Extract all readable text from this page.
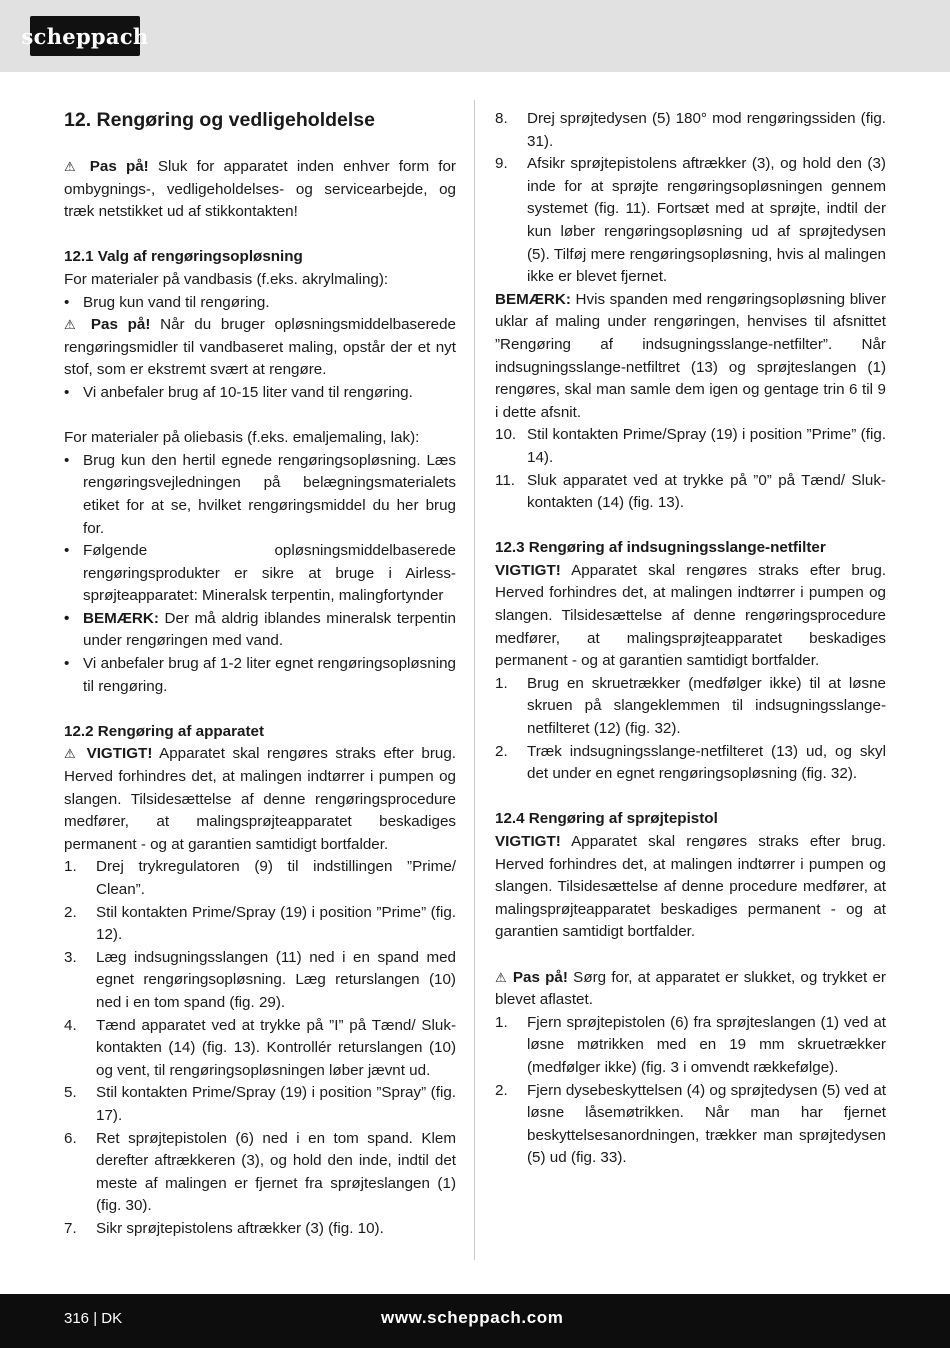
scheppach
12. Rengøring og vedligeholdelse

⚠ Pas på! Sluk for apparatet inden enhver form for ombygnings-, vedligeholdelses- og servicearbejde, og træk netstikket ud af stikkontakten!

12.1 Valg af rengøringsopløsning

For materialer på vandbasis (f.eks. akrylmaling):

• Brug kun vand til rengøring.

⚠ Pas på! Når du bruger opløsningsmiddelbaserede rengøringsmidler til vandbaseret maling, opstår der et nyt stof, som er ekstremt svært at rengøre.

• Vi anbefaler brug af 10-15 liter vand til rengøring.

For materialer på oliebasis (f.eks. emaljemaling, lak):

• Brug kun den hertil egnede rengøringsopløsning. Læs rengøringsvejledningen på belægningsmaterialets etiket for at se, hvilket rengøringsmiddel du her brug for.
• Følgende opløsningsmiddelbaserede rengøringsprodukter er sikre at bruge i Airless-sprøjteapparatet: Mineralsk terpentin, malingfortynder
• BEMÆRK: Der må aldrig iblandes mineralsk terpentin under rengøringen med vand.
• Vi anbefaler brug af 1-2 liter egnet rengøringsopløsning til rengøring.
12.2 Rengøring af apparatet

⚠ VIGTIGT! Apparatet skal rengøres straks efter brug. Herved forhindres det, at malingen indtørrer i pumpen og slangen. Tilsidesættelse af denne rengøringsprocedure medfører, at malingsprøjteapparatet beskadiges permanent - og at garantien samtidigt bortfalder.

1.	Drej trykregulatoren (9) til indstillingen ”Prime/ Clean”.
2.	Stil kontakten Prime/Spray (19) i position ”Prime” (fig. 12).
3.	Læg indsugningsslangen (11) ned i en spand med egnet rengøringsopløsning. Læg returslangen (10) ned i en tom spand (fig. 29).
4.	Tænd apparatet ved at trykke på ”I” på Tænd/ Sluk-kontakten (14) (fig. 13). Kontrollér returslangen (10) og vent, til rengøringsopløsningen løber jævnt ud.
5.	Stil kontakten Prime/Spray (19) i position ”Spray” (fig. 17).
6.	Ret sprøjtepistolen (6) ned i en tom spand. Klem derefter aftrækkeren (3), og hold den inde, indtil det meste af malingen er fjernet fra sprøjteslangen (1) (fig. 30).
7.	Sikr sprøjtepistolens aftrækker (3) (fig. 10).
8.	Drej sprøjtedysen (5) 180° mod rengøringssiden (fig. 31).
9.	Afsikr sprøjtepistolens aftrækker (3), og hold den (3) inde for at sprøjte rengøringsopløsningen gennem systemet (fig. 11). Fortsæt med at sprøjte, indtil der kun løber rengøringsopløsning ud af sprøjtedysen (5). Tilføj mere rengøringsopløsning, hvis al malingen ikke er blevet fjernet.

BEMÆRK: Hvis spanden med rengøringsopløsning bliver uklar af maling under rengøringen, henvises til afsnittet ”Rengøring af indsugningsslange-netfilter”. Når indsugningsslange-netfiltret (13) og sprøjteslangen (1) rengøres, skal man samle dem igen og gentage trin 6 til 9 i dette afsnit.

10. Stil kontakten Prime/Spray (19) i position ”Prime” (fig. 14).
11. Sluk apparatet ved at trykke på ”0” på Tænd/ Sluk-kontakten (14) (fig. 13).
12.3 Rengøring af indsugningsslange-netfilter

VIGTIGT! Apparatet skal rengøres straks efter brug. Herved forhindres det, at malingen indtørrer i pumpen og slangen. Tilsidesættelse af denne rengøringsprocedure medfører, at malingsprøjteapparatet beskadiges permanent - og at garantien samtidigt bortfalder.

1.	Brug en skruetrækker (medfølger ikke) til at løsne skruen på slangeklemmen til indsugningsslange-netfilteret (12) (fig. 32).
2.	Træk indsugningsslange-netfilteret (13) ud, og skyl det under en egnet rengøringsopløsning (fig. 32).
12.4 Rengøring af sprøjtepistol

VIGTIGT! Apparatet skal rengøres straks efter brug. Herved forhindres det, at malingen indtørrer i pumpen og slangen. Tilsidesættelse af denne procedure medfører, at malingsprøjteapparatet beskadiges permanent - og at garantien samtidigt bortfalder.

⚠ Pas på! Sørg for, at apparatet er slukket, og trykket er blevet aflastet.

1.	Fjern sprøjtepistolen (6) fra sprøjteslangen (1) ved at løsne møtrikken med en 19 mm skruetrækker (medfølger ikke) (fig. 3 i omvendt rækkefølge).
2.	Fjern dysebeskyttelsen (4) og sprøjtedysen (5) ved at løsne låsemøtrikken. Når man har fjernet beskyttelsesanordningen, trækker man sprøjtedysen (5) ud (fig. 33).
316 | DK	www.scheppach.com
